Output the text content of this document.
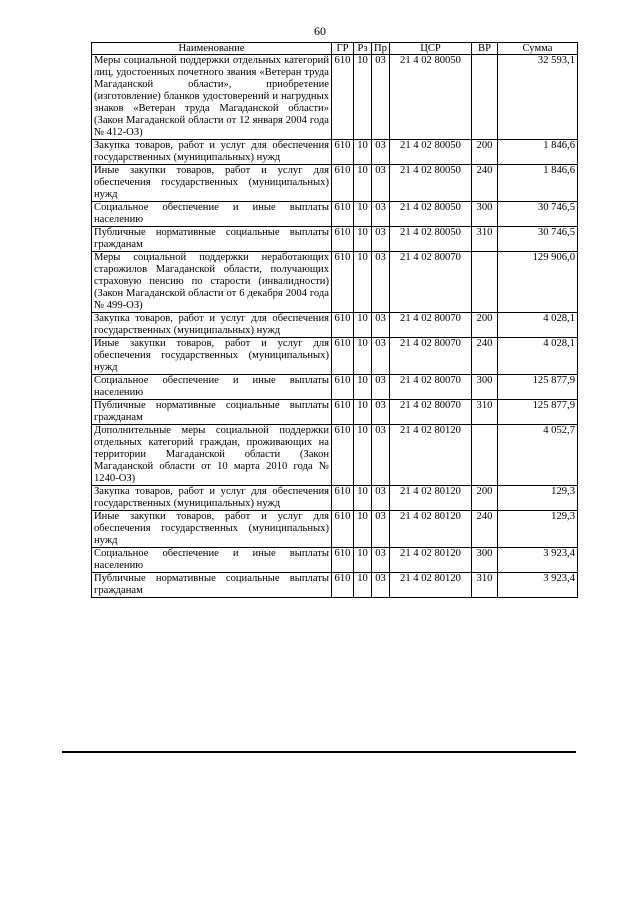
60
Наименование	ГР	Рз	Пр	ЦСР	ВР	Сумма
Меры социальной поддержки отдельных категорий лиц, удостоенных почетного звания «Ветеран труда Магаданской области», приобретение (изготовление) бланков удостоверений и нагрудных знаков «Ветеран труда Магаданской области» (Закон Магаданской области от 12 января 2004 года № 412-ОЗ)	610	10	03	21 4 02 80050		32 593,1
Закупка товаров, работ и услуг для обеспечения государственных (муниципальных) нужд	610	10	03	21 4 02 80050	200	1 846,6
Иные закупки товаров, работ и услуг для обеспечения государственных (муниципальных) нужд	610	10	03	21 4 02 80050	240	1 846,6
Социальное обеспечение и иные выплаты населению	610	10	03	21 4 02 80050	300	30 746,5
Публичные нормативные социальные выплаты гражданам	610	10	03	21 4 02 80050	310	30 746,5
Меры социальной поддержки неработающих старожилов Магаданской области, получающих страховую пенсию по старости (инвалидности) (Закон Магаданской области от 6 декабря 2004 года № 499-ОЗ)	610	10	03	21 4 02 80070		129 906,0
Закупка товаров, работ и услуг для обеспечения государственных (муниципальных) нужд	610	10	03	21 4 02 80070	200	4 028,1
Иные закупки товаров, работ и услуг для обеспечения государственных (муниципальных) нужд	610	10	03	21 4 02 80070	240	4 028,1
Социальное обеспечение и иные выплаты населению	610	10	03	21 4 02 80070	300	125 877,9
Публичные нормативные социальные выплаты гражданам	610	10	03	21 4 02 80070	310	125 877,9
Дополнительные меры социальной поддержки отдельных категорий граждан, проживающих на территории Магаданской области (Закон Магаданской области от 10 марта 2010 года № 1240-ОЗ)	610	10	03	21 4 02 80120		4 052,7
Закупка товаров, работ и услуг для обеспечения государственных (муниципальных) нужд	610	10	03	21 4 02 80120	200	129,3
Иные закупки товаров, работ и услуг для обеспечения государственных (муниципальных) нужд	610	10	03	21 4 02 80120	240	129,3
Социальное обеспечение и иные выплаты населению	610	10	03	21 4 02 80120	300	3 923,4
Публичные нормативные социальные выплаты гражданам	610	10	03	21 4 02 80120	310	3 923,4
